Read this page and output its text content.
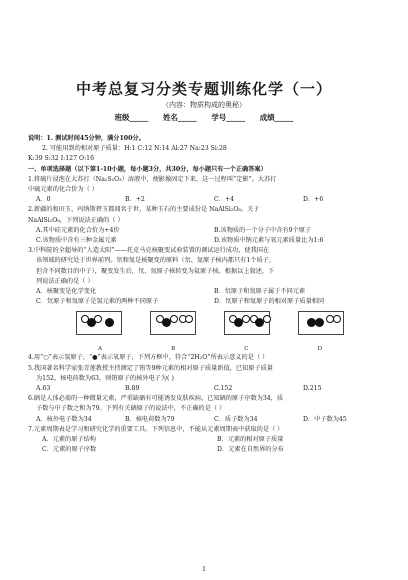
中考总复习分类专题训练化学（一）
（内容：物质构成的奥秘）
班级_____ 姓名_____ 学号_____ 成绩_____
说明：1. 测试时间45分钟，满分100分。
2. 可能用到的相对原子质量：H:1 C:12 N:14 Al:27 Na:23 Si:28
K:39 S:32 I:127 O:16
一、单项选择题（以下第1-10小题，每小题3分，共30分，每小题只有一个正确答案）
1.将硫片浸泡在大苏打（Na₂S₂O₃）溶液中，便影像固定下来，这一过程叫“定影”。大苏打
中硫元素的化合价为（ ）
A．0	B．+2	C．+4	D．+6
2.新疆的和田玉、玛纳斯碧玉都闻名于世，某种玉石的主要成份是 NaAlSi₂O₆。关于
NaAlSi₂O₆，下列说法正确的（ ）
A.其中硅元素的化合价为+4价	B.该物质的一个分子中含有9个原子
C.该物质中含有三种金属元素	D.该物质中钠元素与氧元素质量比为1:6
3.中科院的全超导的“人造太阳”——托克马克核聚变试验装置的调试运行成功，使我国在
该领域的研究处于世界前列。氘和氚是核聚变的原料（氘、氚原子核内都只有1个质子，
但含不同数目的中子），聚变发生后，氘、氚原子核转变为氦原子核。根据以上叙述，下
列说法正确的是（ ）
A．核聚变是化学变化	B．氘原子和氚原子属于不同元素
C．氘原子和氚原子是氢元素的两种不同原子	D．氘原子和氚原子的相对原子质量相同
A	B	C	D
4.用“○”表示氢原子，“●”表示氧原子，下列方框中，符合“2H₂O”所表示意义的是（ ）
5.我国著名科学家张青莲教授主持测定了铕等9种元素的相对原子质量新值，已知原子质量
为152，核电荷数为63，则铕原子的核外电子为( )
A.63	B.89	C.152	D.215
6.硒是人体必需的一种微量元素，严重缺硒有可能诱发皮肤疾病。已知硒的原子序数为34，质
子数与中子数之和为79。下列有关硒原子的说法中，不正确的是（ ）
A．核外电子数为34	B．核电荷数为79	C．质子数为34	D．中子数为45
7.元素周期表是学习和研究化学的重要工具。下列信息中，不能从元素周期表中获取的是（ ）
A．元素的原子结构	B．元素的相对原子质量
C．元素的原子序数	D．元素在自然界的分布
1
